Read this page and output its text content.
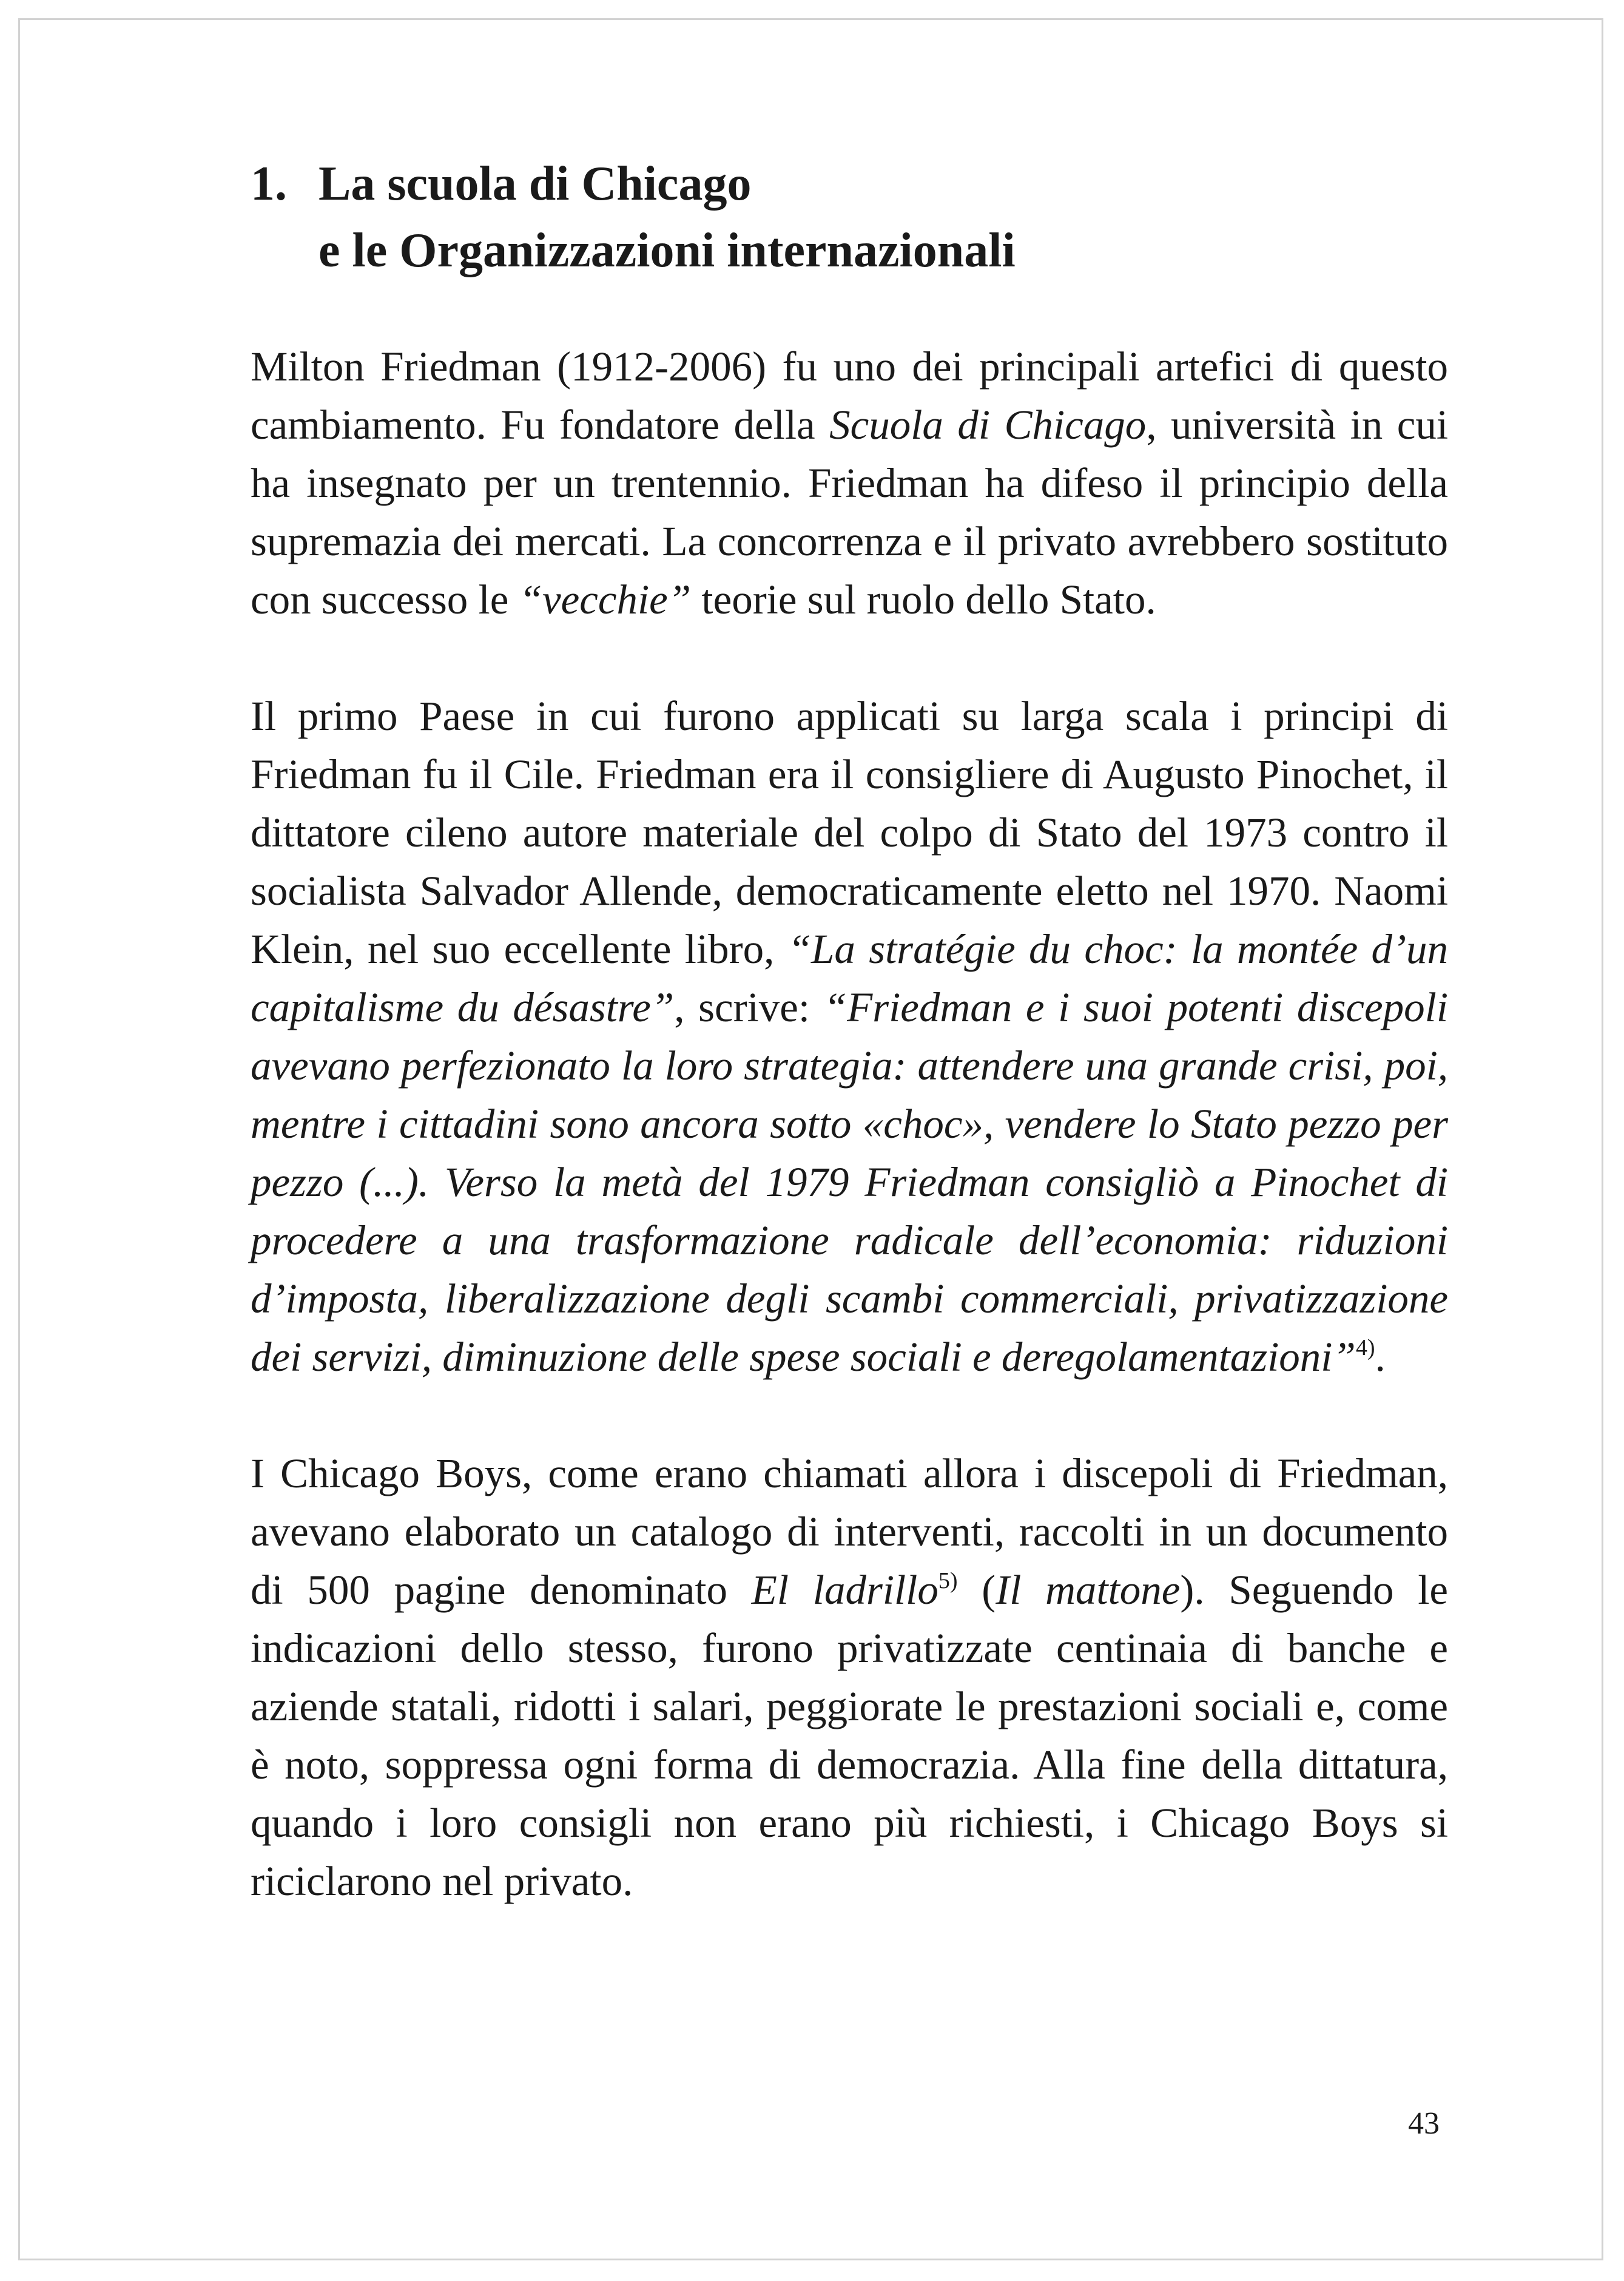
1. La scuola di Chicago
e le Organizzazioni internazionali

Milton Friedman (1912-2006) fu uno dei principali artefici di questo cambiamento. Fu fondatore della Scuola di Chicago, università in cui ha insegnato per un trentennio. Friedman ha difeso il principio della supremazia dei mercati. La concorrenza e il privato avrebbero sostituto con successo le “vecchie” teorie sul ruolo dello Stato.

Il primo Paese in cui furono applicati su larga scala i principi di Friedman fu il Cile. Friedman era il consigliere di Augusto Pinochet, il dittatore cileno autore materiale del colpo di Stato del 1973 contro il socialista Salvador Allende, democraticamente eletto nel 1970. Naomi Klein, nel suo eccellente libro, “La stratégie du choc: la montée d’un capitalisme du désastre”, scrive: “Friedman e i suoi potenti discepoli avevano perfezionato la loro strategia: attendere una grande crisi, poi, mentre i cittadini sono ancora sotto «choc», vendere lo Stato pezzo per pezzo (...). Verso la metà del 1979 Friedman consigliò a Pinochet di procedere a una trasformazione radicale dell’economia: riduzioni d’imposta, liberalizzazione degli scambi commerciali, privatizzazione dei servizi, diminuzione delle spese sociali e deregolamentazioni”$^{4)}$.

I Chicago Boys, come erano chiamati allora i discepoli di Friedman, avevano elaborato un catalogo di interventi, raccolti in un documento di 500 pagine denominato El ladrillo$^{5)}$ (Il mattone). Seguendo le indicazioni dello stesso, furono privatizzate centinaia di banche e aziende statali, ridotti i salari, peggiorate le prestazioni sociali e, come è noto, soppressa ogni forma di democrazia. Alla fine della dittatura, quando i loro consigli non erano più richiesti, i Chicago Boys si riciclarono nel privato.

43
